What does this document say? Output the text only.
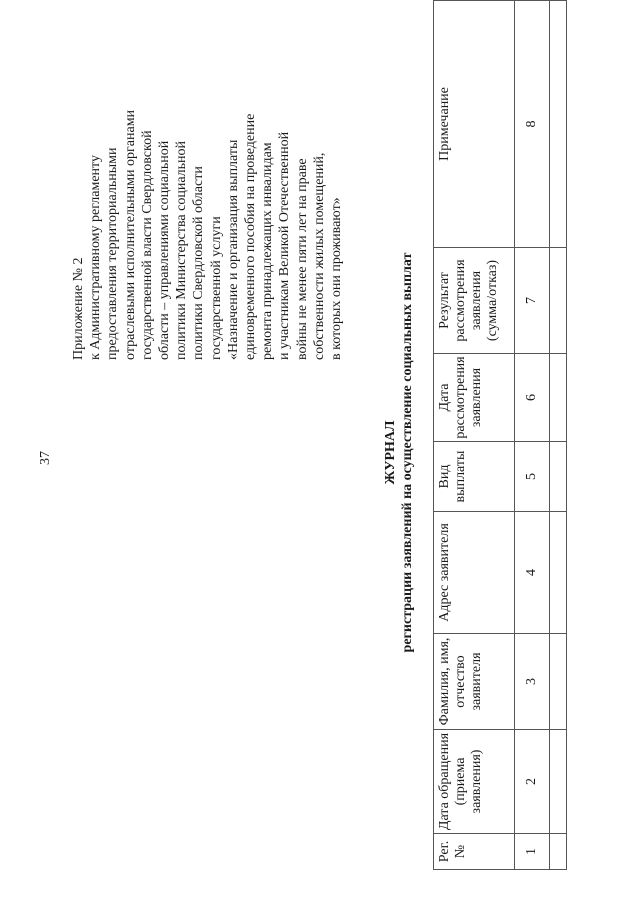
37
Приложение № 2 к Административному регламенту предоставления территориальными отраслевыми исполнительными органами государственной власти Свердловской области – управлениями социальной политики Министерства социальной политики Свердловской области государственной услуги «Назначение и организация выплаты единовременного пособия на проведение ремонта принадлежащих инвалидам и участникам Великой Отечественной войны не менее пяти лет на праве собственности жилых помещений, в которых они проживают»
ЖУРНАЛ регистрации заявлений на осуществление социальных выплат
Рег. №	Дата обращения (приема заявления)	Фамилия, имя, отчество заявителя	Адрес заявителя	Вид выплаты	Дата рассмотрения заявления	Результат рассмотрения заявления (сумма/отказ)	Примечание
1	2	3	4	5	6	7	8
